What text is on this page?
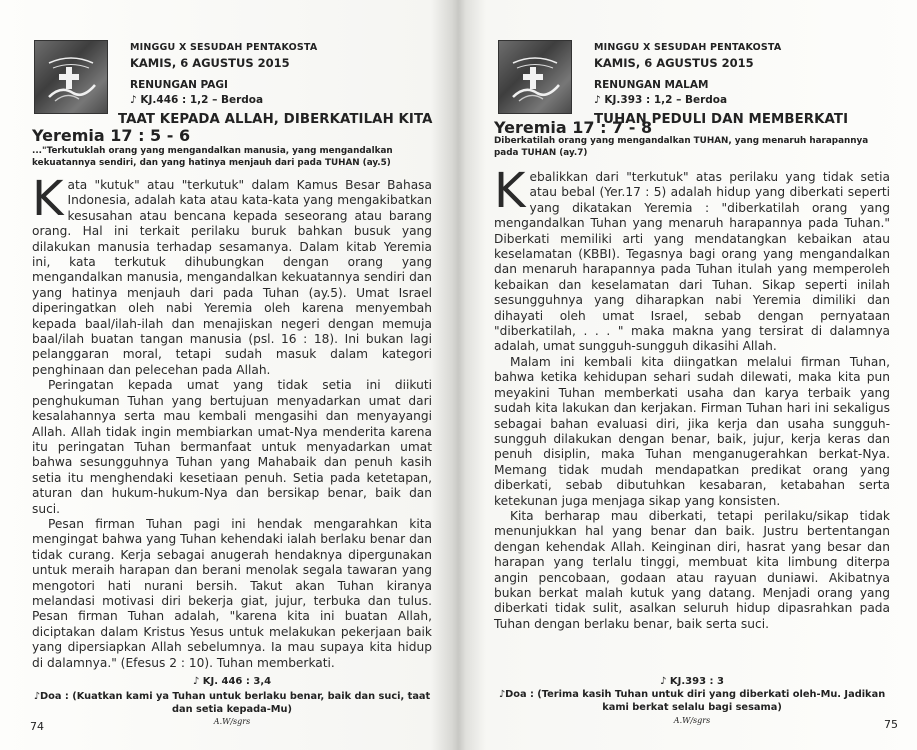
MINGGU X SESUDAH PENTAKOSTA
KAMIS, 6 AGUSTUS 2015
RENUNGAN PAGI
♪ KJ.446 : 1,2 – Berdoa
TAAT KEPADA ALLAH, DIBERKATILAH KITA
Yeremia 17 : 5 - 6
..."Terkutuklah orang yang mengandalkan manusia, yang mengandalkan kekuatannya sendiri, dan yang hatinya menjauh dari pada TUHAN (ay.5)

Kata "kutuk" atau "terkutuk" dalam Kamus Besar Bahasa Indonesia, adalah kata atau kata-kata yang mengakibatkan kesusahan atau bencana kepada seseorang atau barang orang. Hal ini terkait perilaku buruk bahkan busuk yang dilakukan manusia terhadap sesamanya. Dalam kitab Yeremia ini, kata terkutuk dihubungkan dengan orang yang mengandalkan manusia, mengandalkan kekuatannya sendiri dan yang hatinya menjauh dari pada Tuhan (ay.5). Umat Israel diperingatkan oleh nabi Yeremia oleh karena menyembah kepada baal/ilah-ilah dan menajiskan negeri dengan memuja baal/ilah buatan tangan manusia (psl. 16 : 18). Ini bukan lagi pelanggaran moral, tetapi sudah masuk dalam kategori penghinaan dan pelecehan pada Allah.

Peringatan kepada umat yang tidak setia ini diikuti penghukuman Tuhan yang bertujuan menyadarkan umat dari kesalahannya serta mau kembali mengasihi dan menyayangi Allah. Allah tidak ingin membiarkan umat-Nya menderita karena itu peringatan Tuhan bermanfaat untuk menyadarkan umat bahwa sesungguhnya Tuhan yang Mahabaik dan penuh kasih setia itu menghendaki kesetiaan penuh. Setia pada ketetapan, aturan dan hukum-hukum-Nya dan bersikap benar, baik dan suci.

Pesan firman Tuhan pagi ini hendak mengarahkan kita mengingat bahwa yang Tuhan kehendaki ialah berlaku benar dan tidak curang. Kerja sebagai anugerah hendaknya dipergunakan untuk meraih harapan dan berani menolak segala tawaran yang mengotori hati nurani bersih. Takut akan Tuhan kiranya melandasi motivasi diri bekerja giat, jujur, terbuka dan tulus. Pesan firman Tuhan adalah, "karena kita ini buatan Allah, diciptakan dalam Kristus Yesus untuk melakukan pekerjaan baik yang dipersiapkan Allah sebelumnya. Ia mau supaya kita hidup di dalamnya." (Efesus 2 : 10). Tuhan memberkati.

♪ KJ. 446 : 3,4
♪Doa : (Kuatkan kami ya Tuhan untuk berlaku benar, baik dan suci, taat dan setia kepada-Mu)
A.W/sgrs
74
MINGGU X SESUDAH PENTAKOSTA
KAMIS, 6 AGUSTUS 2015
RENUNGAN MALAM
♪ KJ.393 : 1,2 – Berdoa
TUHAN PEDULI DAN MEMBERKATI
Yeremia 17 : 7 - 8
Diberkatilah orang yang mengandalkan TUHAN, yang menaruh harapannya pada TUHAN (ay.7)

Kebalikkan dari "terkutuk" atas perilaku yang tidak setia atau bebal (Yer.17 : 5) adalah hidup yang diberkati seperti yang dikatakan Yeremia : "diberkatilah orang yang mengandalkan Tuhan yang menaruh harapannya pada Tuhan." Diberkati memiliki arti yang mendatangkan kebaikan atau keselamatan (KBBI). Tegasnya bagi orang yang mengandalkan dan menaruh harapannya pada Tuhan itulah yang memperoleh kebaikan dan keselamatan dari Tuhan. Sikap seperti inilah sesungguhnya yang diharapkan nabi Yeremia dimiliki dan dihayati oleh umat Israel, sebab dengan pernyataan "diberkatilah, . . . " maka makna yang tersirat di dalamnya adalah, umat sungguh-sungguh dikasihi Allah.

Malam ini kembali kita diingatkan melalui firman Tuhan, bahwa ketika kehidupan sehari sudah dilewati, maka kita pun meyakini Tuhan memberkati usaha dan karya terbaik yang sudah kita lakukan dan kerjakan. Firman Tuhan hari ini sekaligus sebagai bahan evaluasi diri, jika kerja dan usaha sungguh-sungguh dilakukan dengan benar, baik, jujur, kerja keras dan penuh disiplin, maka Tuhan menganugerahkan berkat-Nya. Memang tidak mudah mendapatkan predikat orang yang diberkati, sebab dibutuhkan kesabaran, ketabahan serta ketekunan juga menjaga sikap yang konsisten.

Kita berharap mau diberkati, tetapi perilaku/sikap tidak menunjukkan hal yang benar dan baik. Justru bertentangan dengan kehendak Allah. Keinginan diri, hasrat yang besar dan harapan yang terlalu tinggi, membuat kita limbung diterpa angin pencobaan, godaan atau rayuan duniawi. Akibatnya bukan berkat malah kutuk yang datang. Menjadi orang yang diberkati tidak sulit, asalkan seluruh hidup dipasrahkan pada Tuhan dengan berlaku benar, baik serta suci.

♪ KJ.393 : 3
♪Doa : (Terima kasih Tuhan untuk diri yang diberkati oleh-Mu. Jadikan kami berkat selalu bagi sesama)
A.W/sgrs	75
